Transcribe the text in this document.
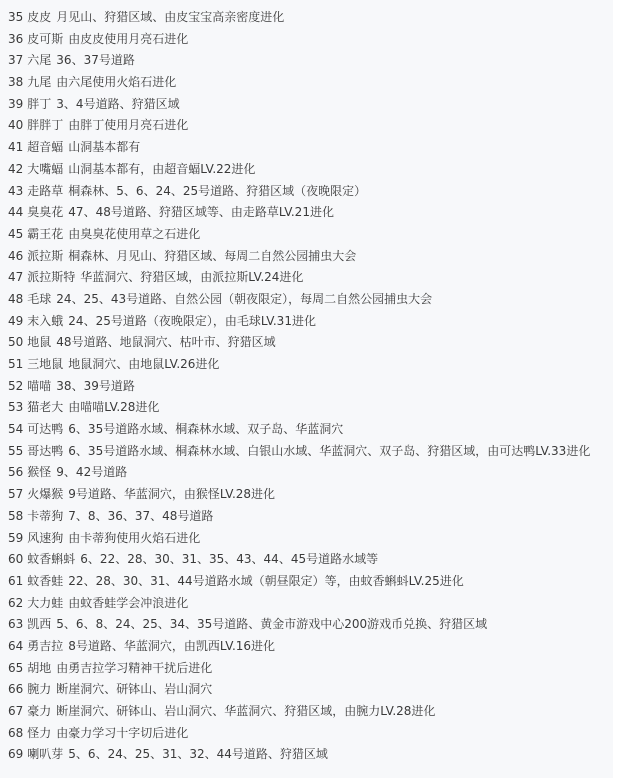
35 皮皮 月见山、狩猎区域、由皮宝宝高亲密度进化
36 皮可斯 由皮皮使用月亮石进化
37 六尾 36、37号道路
38 九尾 由六尾使用火焰石进化
39 胖丁 3、4号道路、狩猎区域
40 胖胖丁 由胖丁使用月亮石进化
41 超音蝠 山洞基本都有
42 大嘴蝠 山洞基本都有，由超音蝠LV.22进化
43 走路草 桐森林、5、6、24、25号道路、狩猎区域（夜晚限定）
44 臭臭花 47、48号道路、狩猎区域等、由走路草LV.21进化
45 霸王花 由臭臭花使用草之石进化
46 派拉斯 桐森林、月见山、狩猎区域、每周二自然公园捕虫大会
47 派拉斯特 华蓝洞穴、狩猎区域，由派拉斯LV.24进化
48 毛球 24、25、43号道路、自然公园（朝夜限定），每周二自然公园捕虫大会
49 末入蛾 24、25号道路（夜晚限定），由毛球LV.31进化
50 地鼠 48号道路、地鼠洞穴、枯叶市、狩猎区域
51 三地鼠 地鼠洞穴、由地鼠LV.26进化
52 喵喵 38、39号道路
53 猫老大 由喵喵LV.28进化
54 可达鸭 6、35号道路水域、桐森林水域、双子岛、华蓝洞穴
55 哥达鸭 6、35号道路水域、桐森林水域、白银山水域、华蓝洞穴、双子岛、狩猎区域，由可达鸭LV.33进化
56 猴怪 9、42号道路
57 火爆猴 9号道路、华蓝洞穴，由猴怪LV.28进化
58 卡蒂狗 7、8、36、37、48号道路
59 风速狗 由卡蒂狗使用火焰石进化
60 蚊香蝌蚪 6、22、28、30、31、35、43、44、45号道路水域等
61 蚊香蛙 22、28、30、31、44号道路水域（朝昼限定）等，由蚊香蝌蚪LV.25进化
62 大力蛙 由蚊香蛙学会冲浪进化
63 凯西 5、6、8、24、25、34、35号道路、黄金市游戏中心200游戏币兑换、狩猎区域
64 勇吉拉 8号道路、华蓝洞穴，由凯西LV.16进化
65 胡地 由勇吉拉学习精神干扰后进化
66 腕力 断崖洞穴、研钵山、岩山洞穴
67 豪力 断崖洞穴、研钵山、岩山洞穴、华蓝洞穴、狩猎区域，由腕力LV.28进化
68 怪力 由豪力学习十字切后进化
69 喇叭芽 5、6、24、25、31、32、44号道路、狩猎区域
